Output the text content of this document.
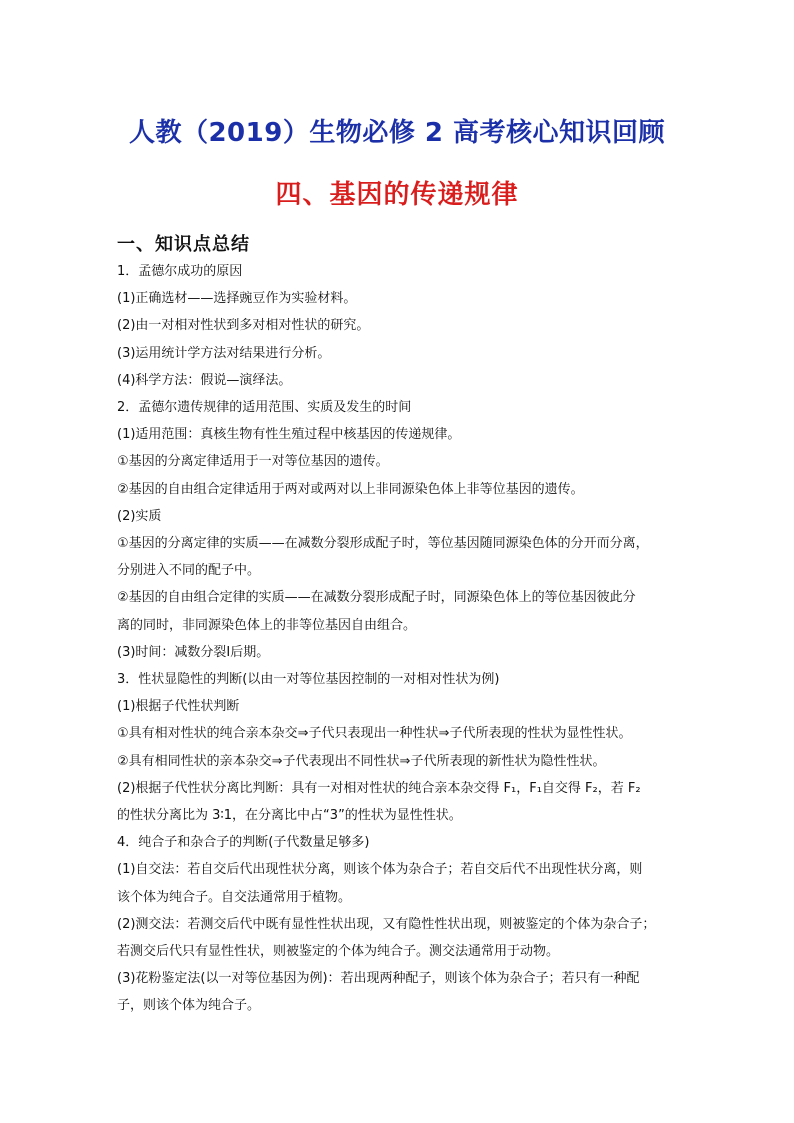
人教（2019）生物必修 2 高考核心知识回顾
四、基因的传递规律
一、知识点总结

1．孟德尔成功的原因

(1)正确选材——选择豌豆作为实验材料。

(2)由一对相对性状到多对相对性状的研究。

(3)运用统计学方法对结果进行分析。

(4)科学方法：假说—演绎法。

2．孟德尔遗传规律的适用范围、实质及发生的时间

(1)适用范围：真核生物有性生殖过程中核基因的传递规律。

①基因的分离定律适用于一对等位基因的遗传。

②基因的自由组合定律适用于两对或两对以上非同源染色体上非等位基因的遗传。

(2)实质

①基因的分离定律的实质——在减数分裂形成配子时，等位基因随同源染色体的分开而分离，

分别进入不同的配子中。

②基因的自由组合定律的实质——在减数分裂形成配子时，同源染色体上的等位基因彼此分

离的同时，非同源染色体上的非等位基因自由组合。

(3)时间：减数分裂Ⅰ后期。

3．性状显隐性的判断(以由一对等位基因控制的一对相对性状为例)

(1)根据子代性状判断

①具有相对性状的纯合亲本杂交⇒子代只表现出一种性状⇒子代所表现的性状为显性性状。

②具有相同性状的亲本杂交⇒子代表现出不同性状⇒子代所表现的新性状为隐性性状。

(2)根据子代性状分离比判断：具有一对相对性状的纯合亲本杂交得 F₁，F₁自交得 F₂，若 F₂

的性状分离比为 3∶1，在分离比中占“3”的性状为显性性状。

4．纯合子和杂合子的判断(子代数量足够多)

(1)自交法：若自交后代出现性状分离，则该个体为杂合子；若自交后代不出现性状分离，则

该个体为纯合子。自交法通常用于植物。

(2)测交法：若测交后代中既有显性性状出现，又有隐性性状出现，则被鉴定的个体为杂合子；

若测交后代只有显性性状，则被鉴定的个体为纯合子。测交法通常用于动物。

(3)花粉鉴定法(以一对等位基因为例)：若出现两种配子，则该个体为杂合子；若只有一种配

子，则该个体为纯合子。
